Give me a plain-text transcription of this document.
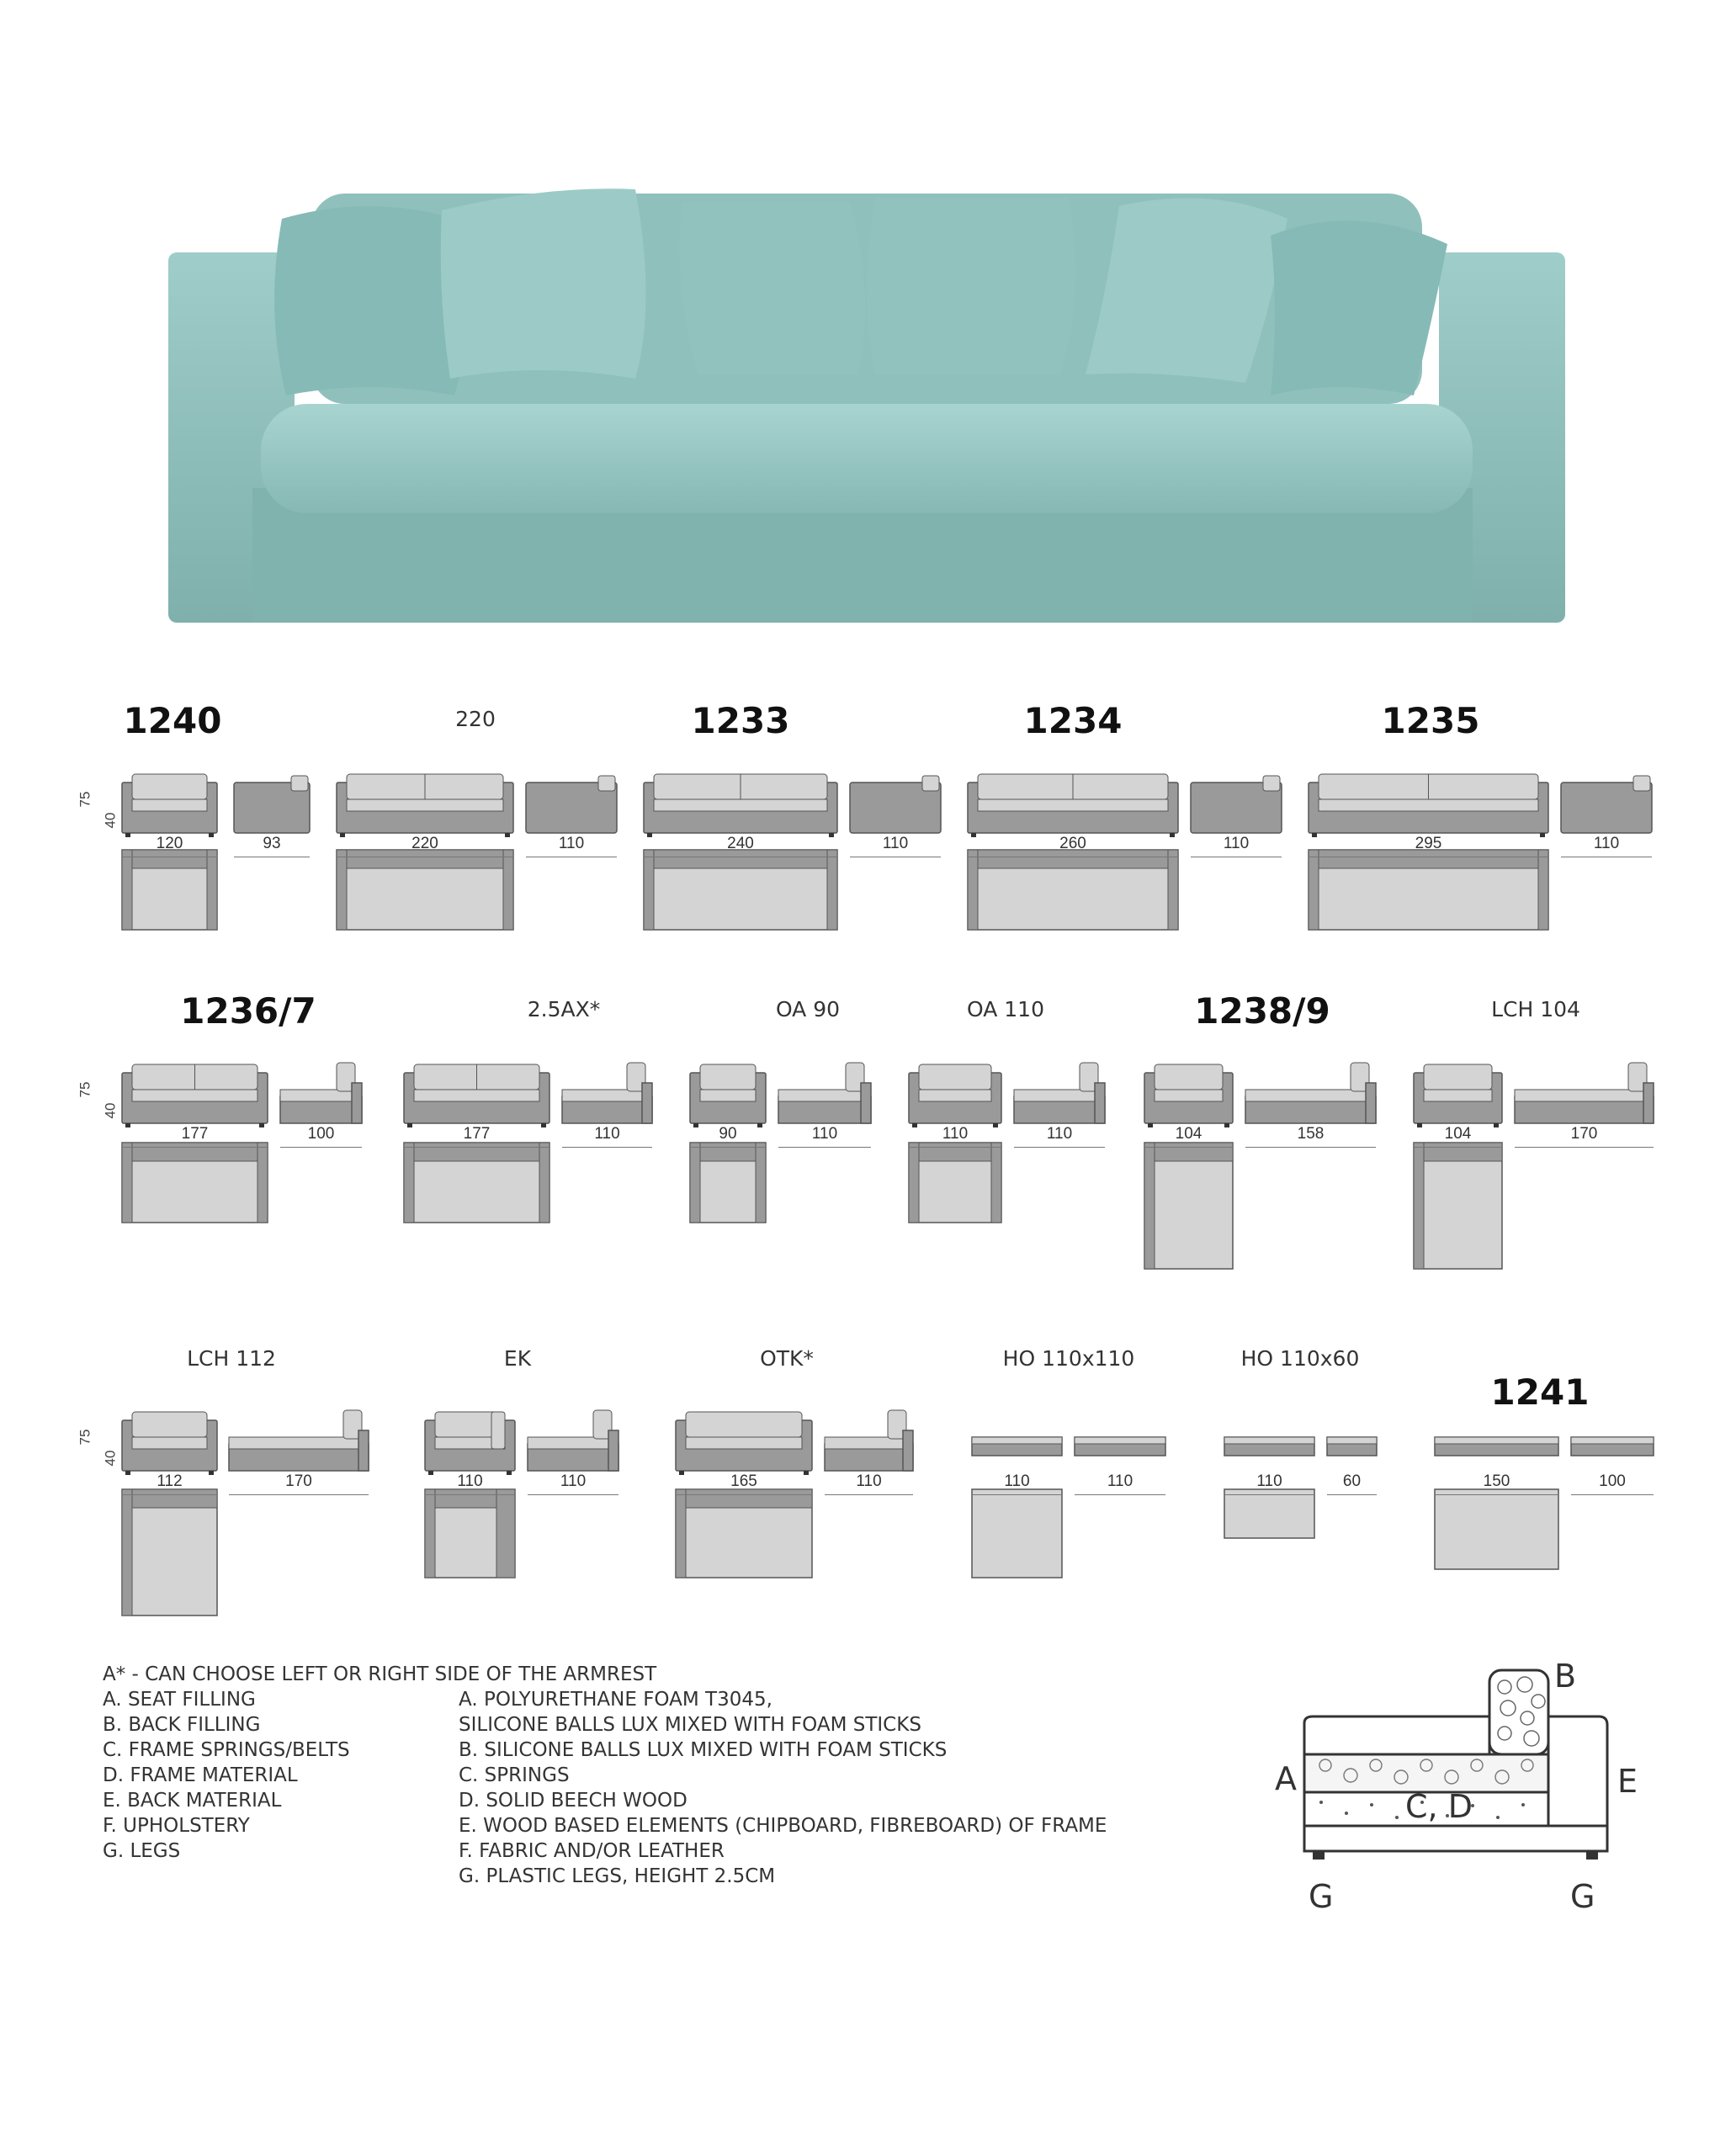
75
40
1240
120	93
220
220	110
1233
240	110
1234
260	110
1235
295	110
75
40
1236/7
177	100
2.5AX*
177	110
OA 90
90	110
OA 110
110	110
1238/9
104	158
LCH 104
104	170
75
40
LCH 112
112	170
EK
110	110
OTK*
165	110
HO 110x110
110	110
HO 110x60
110	60
1241
150	100
A* - CAN CHOOSE LEFT OR RIGHT SIDE OF THE ARMREST
A. SEAT FILLING
B. BACK FILLING
C. FRAME SPRINGS/BELTS
D. FRAME MATERIAL
E. BACK MATERIAL
F. UPHOLSTERY
G. LEGS
A. POLYURETHANE FOAM T3045,
SILICONE BALLS LUX MIXED WITH FOAM STICKS
B. SILICONE BALLS LUX MIXED WITH FOAM STICKS
C. SPRINGS
D. SOLID BEECH WOOD
E. WOOD BASED ELEMENTS (CHIPBOARD, FIBREBOARD) OF FRAME
F. FABRIC AND/OR LEATHER
G. PLASTIC LEGS, HEIGHT 2.5CM
B
A	E
C, D
G	G
